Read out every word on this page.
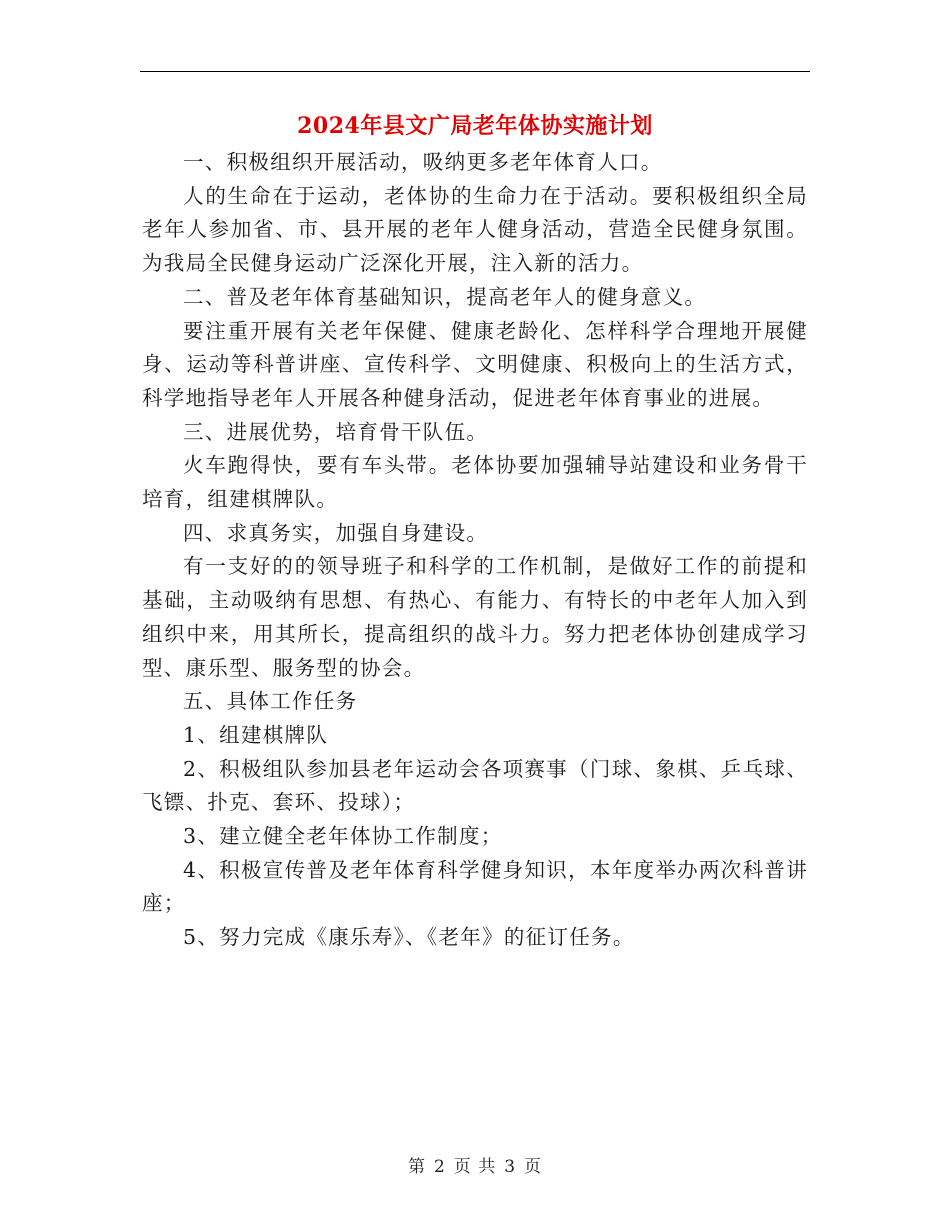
2024年县文广局老年体协实施计划

一、积极组织开展活动，吸纳更多老年体育人口。

人的生命在于运动，老体协的生命力在于活动。要积极组织全局老年人参加省、市、县开展的老年人健身活动，营造全民健身氛围。为我局全民健身运动广泛深化开展，注入新的活力。

二、普及老年体育基础知识，提高老年人的健身意义。

要注重开展有关老年保健、健康老龄化、怎样科学合理地开展健身、运动等科普讲座、宣传科学、文明健康、积极向上的生活方式，科学地指导老年人开展各种健身活动，促进老年体育事业的进展。

三、进展优势，培育骨干队伍。

火车跑得快，要有车头带。老体协要加强辅导站建设和业务骨干培育，组建棋牌队。

四、求真务实，加强自身建设。

有一支好的的领导班子和科学的工作机制，是做好工作的前提和基础，主动吸纳有思想、有热心、有能力、有特长的中老年人加入到组织中来，用其所长，提高组织的战斗力。努力把老体协创建成学习型、康乐型、服务型的协会。

五、具体工作任务

1、组建棋牌队

2、积极组队参加县老年运动会各项赛事（门球、象棋、乒乓球、飞镖、扑克、套环、投球）；

3、建立健全老年体协工作制度；

4、积极宣传普及老年体育科学健身知识，本年度举办两次科普讲座；

5、努力完成《康乐寿》、《老年》的征订任务。

第 2 页 共 3 页
